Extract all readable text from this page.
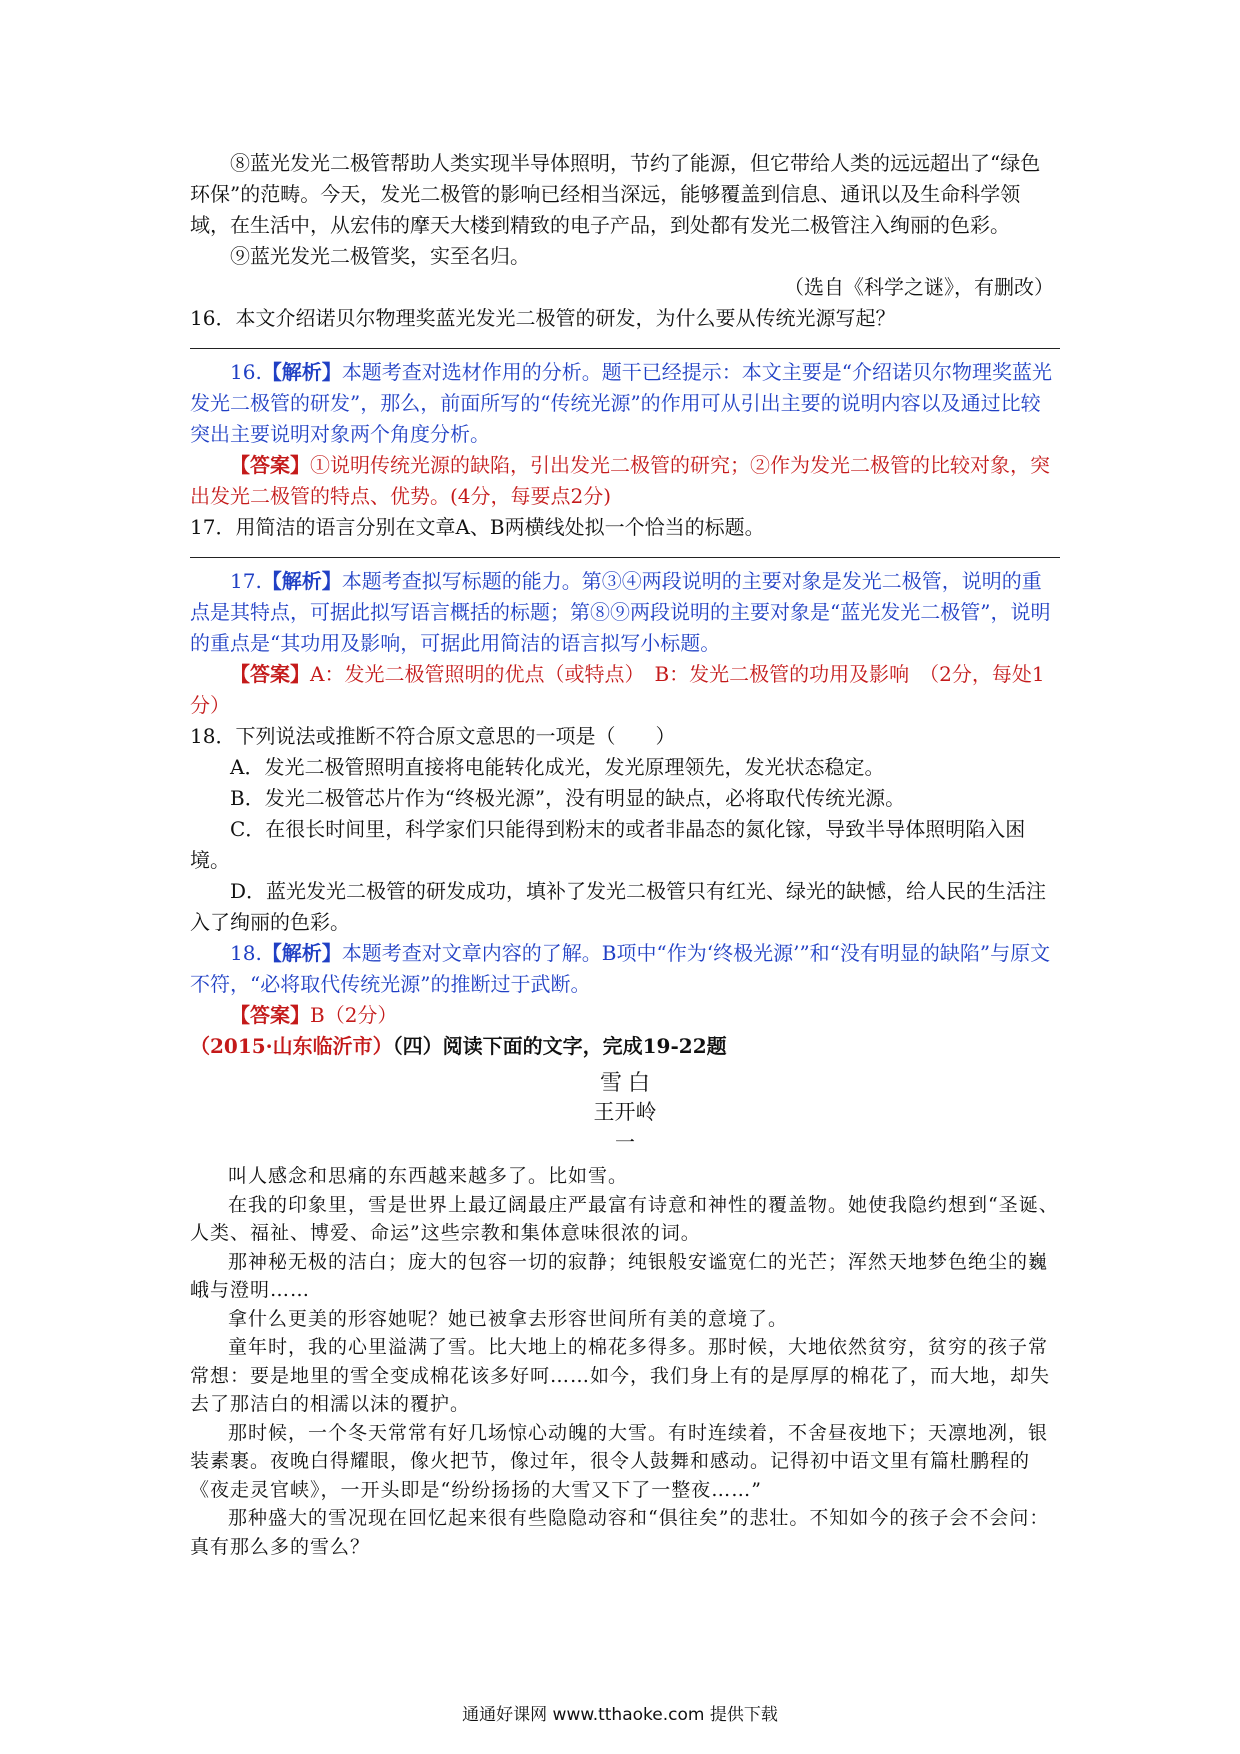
⑧蓝光发光二极管帮助人类实现半导体照明，节约了能源，但它带给人类的远远超出了“绿色环保”的范畴。今天，发光二极管的影响已经相当深远，能够覆盖到信息、通讯以及生命科学领域，在生活中，从宏伟的摩天大楼到精致的电子产品，到处都有发光二极管注入绚丽的色彩。

⑨蓝光发光二极管奖，实至名归。

（选自《科学之谜》，有删改）

16．本文介绍诺贝尔物理奖蓝光发光二极管的研发，为什么要从传统光源写起？

16.【解析】本题考查对选材作用的分析。题干已经提示：本文主要是“介绍诺贝尔物理奖蓝光发光二极管的研发”，那么，前面所写的“传统光源”的作用可从引出主要的说明内容以及通过比较突出主要说明对象两个角度分析。

【答案】①说明传统光源的缺陷，引出发光二极管的研究；②作为发光二极管的比较对象，突出发光二极管的特点、优势。(4分，每要点2分)

17．用简洁的语言分别在文章A、B两横线处拟一个恰当的标题。

17.【解析】本题考查拟写标题的能力。第③④两段说明的主要对象是发光二极管，说明的重点是其特点，可据此拟写语言概括的标题；第⑧⑨两段说明的主要对象是“蓝光发光二极管”，说明的重点是“其功用及影响，可据此用简洁的语言拟写小标题。

【答案】A：发光二极管照明的优点（或特点）　B：发光二极管的功用及影响　（2分，每处1分）

18．下列说法或推断不符合原文意思的一项是（　　）

A．发光二极管照明直接将电能转化成光，发光原理领先，发光状态稳定。

B．发光二极管芯片作为“终极光源”，没有明显的缺点，必将取代传统光源。

C．在很长时间里，科学家们只能得到粉末的或者非晶态的氮化镓，导致半导体照明陷入困境。

D．蓝光发光二极管的研发成功，填补了发光二极管只有红光、绿光的缺憾，给人民的生活注入了绚丽的色彩。

18.【解析】本题考查对文章内容的了解。B项中“作为‘终极光源’”和“没有明显的缺陷”与原文不符，“必将取代传统光源”的推断过于武断。

【答案】B（2分）

（2015·山东临沂市）（四）阅读下面的文字，完成19-22题

雪 白
王开岭
一

叫人感念和思痛的东西越来越多了。比如雪。

在我的印象里，雪是世界上最辽阔最庄严最富有诗意和神性的覆盖物。她使我隐约想到“圣诞、人类、福祉、博爱、命运”这些宗教和集体意味很浓的词。

那神秘无极的洁白；庞大的包容一切的寂静；纯银般安谧宽仁的光芒；浑然天地梦色绝尘的巍峨与澄明……

拿什么更美的形容她呢？她已被拿去形容世间所有美的意境了。

童年时，我的心里溢满了雪。比大地上的棉花多得多。那时候，大地依然贫穷，贫穷的孩子常常想：要是地里的雪全变成棉花该多好呵……如今，我们身上有的是厚厚的棉花了，而大地，却失去了那洁白的相濡以沫的覆护。

那时候，一个冬天常常有好几场惊心动魄的大雪。有时连续着，不舍昼夜地下；天凛地冽，银装素裹。夜晚白得耀眼，像火把节，像过年，很令人鼓舞和感动。记得初中语文里有篇杜鹏程的《夜走灵官峡》，一开头即是“纷纷扬扬的大雪又下了一整夜……”

那种盛大的雪况现在回忆起来很有些隐隐动容和“俱往矣”的悲壮。不知如今的孩子会不会问：真有那么多的雪么？

通通好课网 www.tthaoke.com 提供下载
